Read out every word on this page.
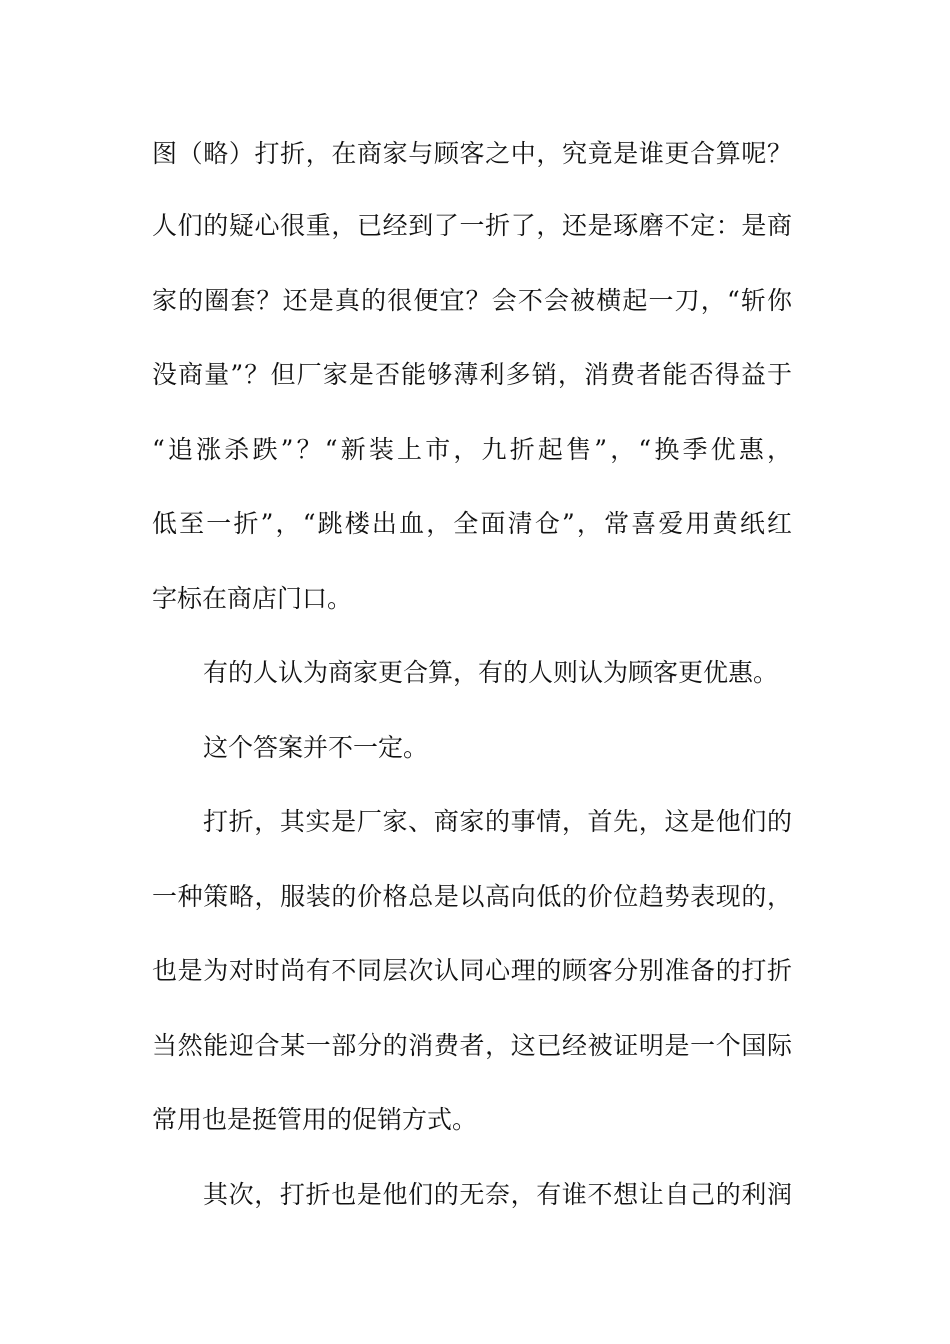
图（略）打折，在商家与顾客之中，究竟是谁更合算呢？
人们的疑心很重，已经到了一折了，还是琢磨不定：是商
家的圈套？还是真的很便宜？会不会被横起一刀，“斩你
没商量”？但厂家是否能够薄利多销，消费者能否得益于
“追涨杀跌”？“新装上市，九折起售”，“换季优惠，
低至一折”，“跳楼出血，全面清仓”，常喜爱用黄纸红
字标在商店门口。
有的人认为商家更合算，有的人则认为顾客更优惠。
这个答案并不一定。
打折，其实是厂家、商家的事情，首先，这是他们的
一种策略，服装的价格总是以高向低的价位趋势表现的，
也是为对时尚有不同层次认同心理的顾客分别准备的打折
当然能迎合某一部分的消费者，这已经被证明是一个国际
常用也是挺管用的促销方式。
其次，打折也是他们的无奈，有谁不想让自己的利润
